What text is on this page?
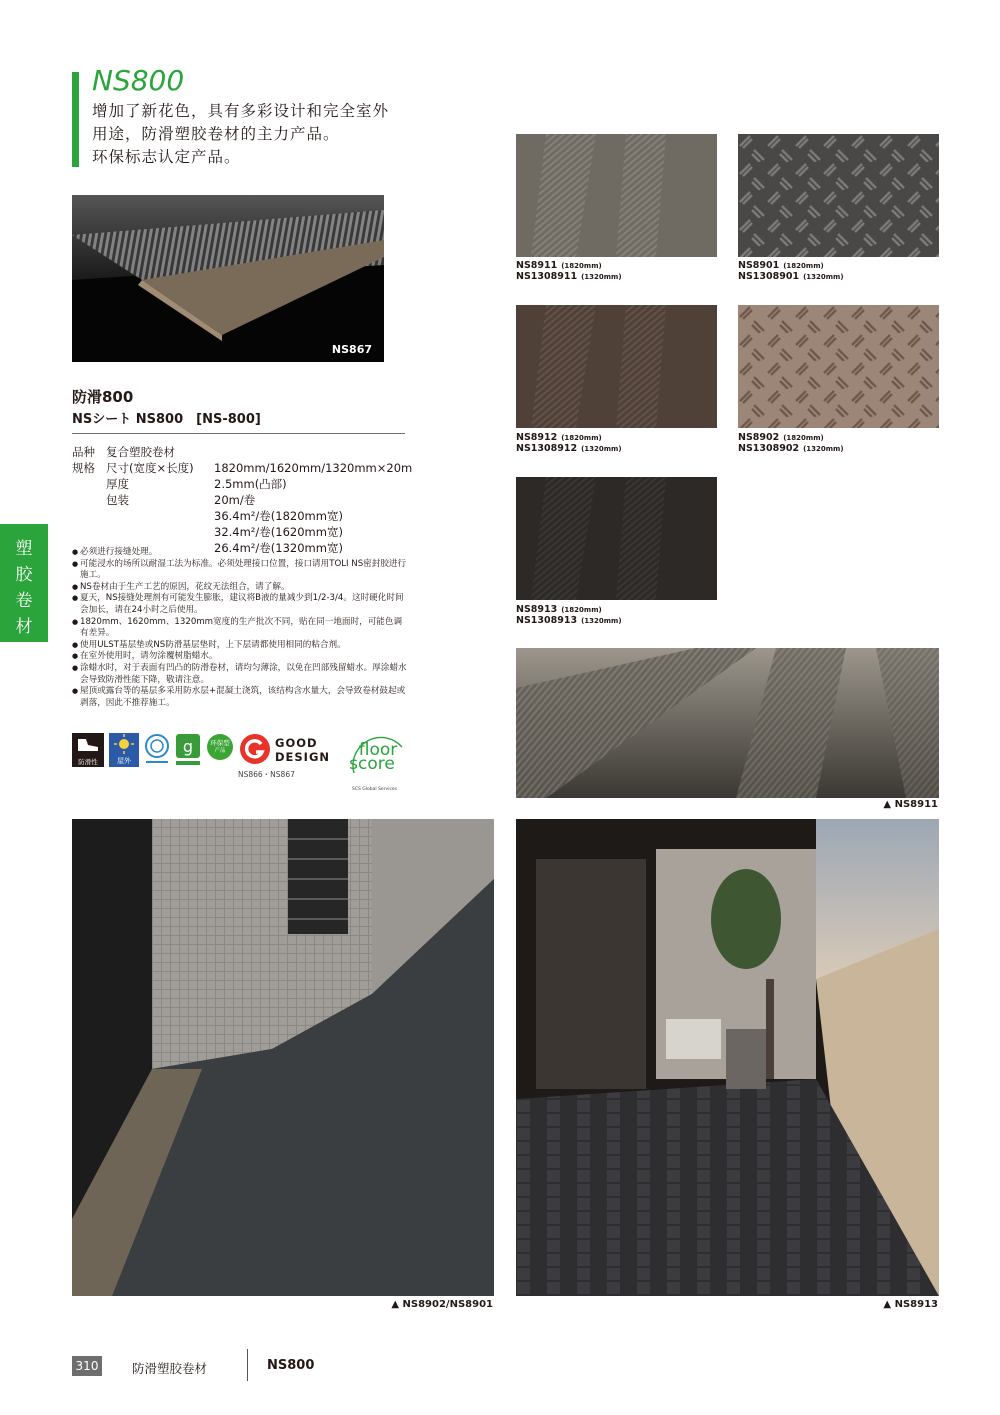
NS800
增加了新花色，具有多彩设计和完全室外
用途，防滑塑胶卷材的主力产品。
环保标志认定产品。
NS867
防滑800
NSシート NS800　[NS-800]
品种 复合塑胶卷材
规格 尺寸(宽度×长度) 1820mm/1620mm/1320mm×20m
厚度	2.5mm(凸部)
包装	20m/卷
36.4m²/卷(1820mm宽)
32.4m²/卷(1620mm宽)
26.4m²/卷(1320mm宽)
● 必须进行接缝处理。
● 可能浸水的场所以耐湿工法为标准。必须处理接口位置，接口请用TOLI NS密封胶进行施工。
● NS卷材由于生产工艺的原因，花纹无法组合，请了解。
● 夏天，NS接缝处理剂有可能发生膨胀，建议将B液的量减少到1/2-3/4。这时硬化时间会加长，请在24小时之后使用。
● 1820mm、1620mm、1320mm宽度的生产批次不同，贴在同一地面时，可能色调有差异。
● 使用ULST基层垫或NS防滑基层垫时，上下层请都使用相同的粘合剂。
● 在室外使用时，请勿涂覆树脂蜡水。
● 涂蜡水时，对于表面有凹凸的防滑卷材，请均匀薄涂，以免在凹部残留蜡水。厚涂蜡水会导致防滑性能下降，敬请注意。
● 屋顶或露台等的基层多采用防水层+混凝土浇筑，该结构含水量大，会导致卷材鼓起或剥落，因此不推荐施工。
防滑性	屋外
g	环保型
产品
GOOD
DESIGN
NS866・NS867
floor
score
SCS Global Services
NS8911 (1820mm)
NS1308911 (1320mm)
NS8901 (1820mm)
NS1308901 (1320mm)
NS8912 (1820mm)
NS1308912 (1320mm)
NS8902 (1820mm)
NS1308902 (1320mm)
NS8913 (1820mm)
NS1308913 (1320mm)
▲ NS8911
▲ NS8902/NS8901	▲ NS8913
塑
胶
卷
材
310	防滑塑胶卷材	NS800
